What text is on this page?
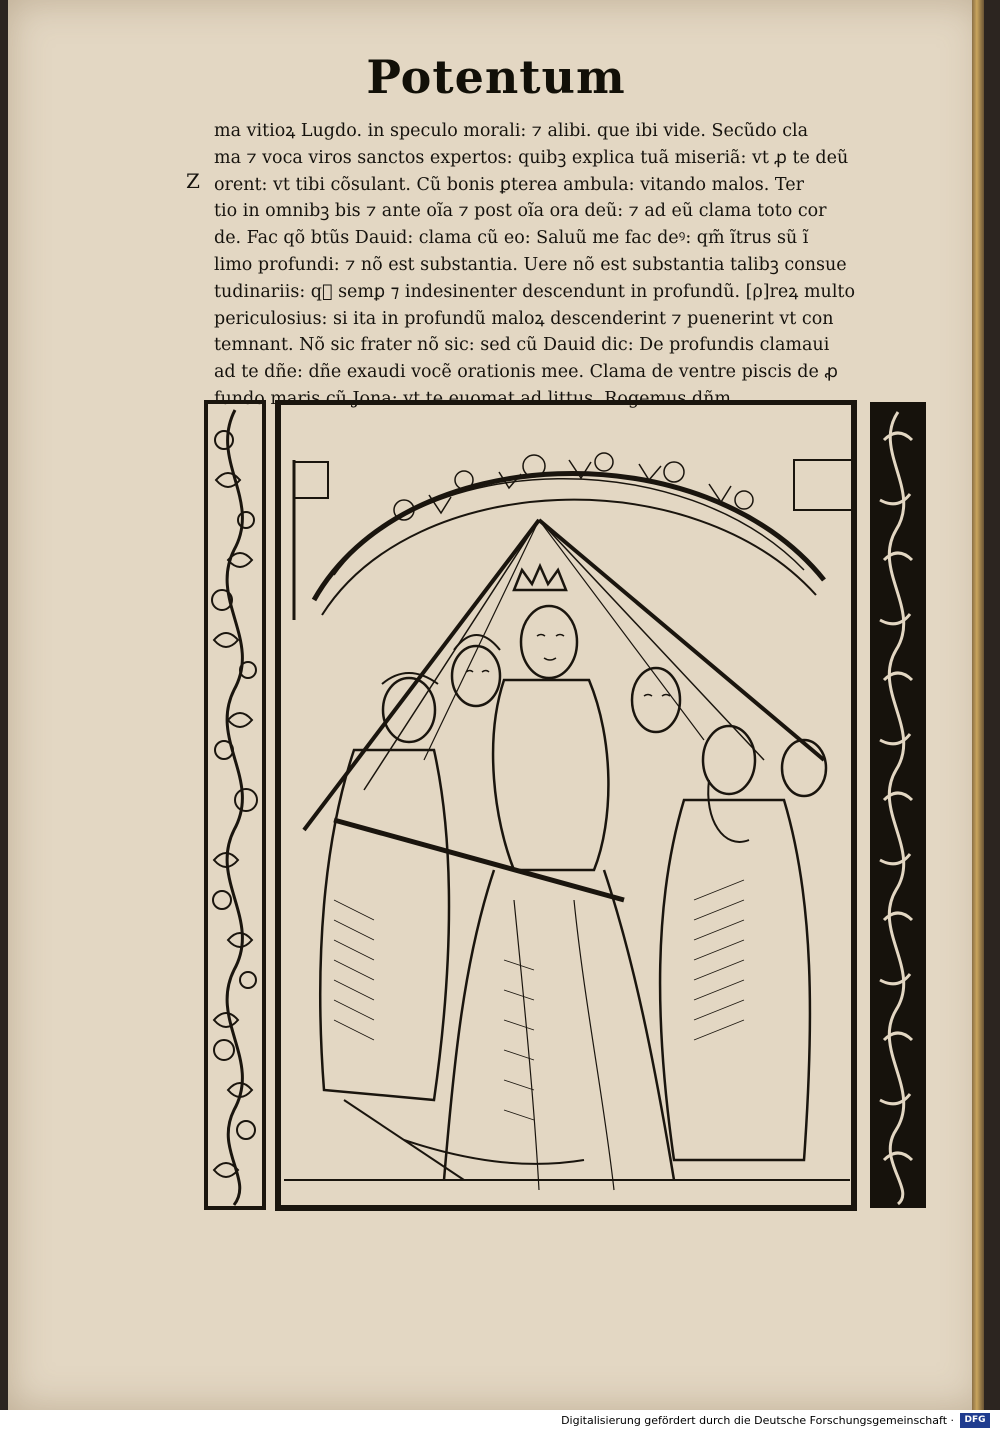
Potentum
Z
ma vitioꝝ Lugdo. in speculo morali: ⁊ alibi. que ibi vide. Secũdo cla
ma ⁊ voca viros sanctos expertos: quibꝫ explica tuã miseriã: vt ꝓ te deũ
orent: vt tibi cõsulant. Cũ bonis ꝑterea ambula: vitando malos. Ter
tio in omnibꝫ bis ⁊ ante oĩa ⁊ post oĩa ora deũ: ⁊ ad eũ clama toto cor
de. Fac qõ btũs Dauid: clama cũ eo: Saluũ me fac deꝰ: qm̃ ĩtrus sũ ĩ
limo profundi: ⁊ nõ est substantia. Uere nõ est substantia talibꝫ consue
tudinariis: q᷑ semꝑ ⁊ indesinenter descendunt in profundũ. [ρ]reꝝ multo
periculosius: si ita in profundũ maloꝝ descenderint ⁊ puenerint vt con
temnant. Nõ sic frater nõ sic: sed cũ Dauid dic: De profundis clamaui
ad te dñe: dñe exaudi vocẽ orationis mee. Clama de ventre piscis de ꝓ
fundo maris cũ Jona: vt te euomat ad littus. Rogemus dñm.
Digitalisierung gefördert durch die Deutsche Forschungsgemeinschaft ·	DFG
